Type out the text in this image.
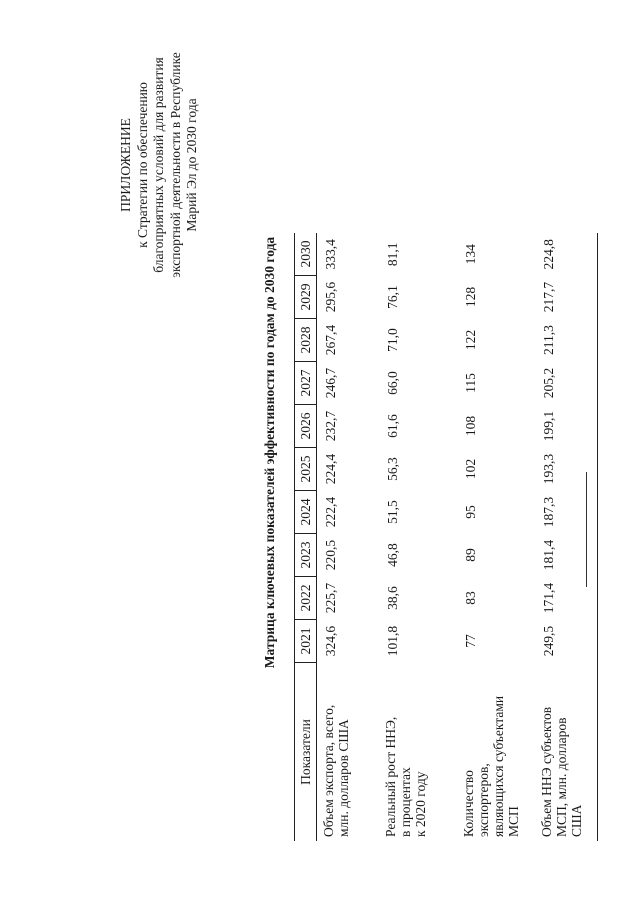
ПРИЛОЖЕНИЕ к Стратегии по обеспечению благоприятных условий для развития экспортной деятельности в Республике Марий Эл до 2030 года
Матрица ключевых показателей эффективности по годам до 2030 года
Показатели	2021	2022	2023	2024	2025	2026	2027	2028	2029	2030

Объем экспорта, всего, млн. долларов США	324,6	225,7	220,5	222,4	224,4	232,7	246,7	267,4	295,6	333,4

Реальный рост ННЭ, в процентах к 2020 году	101,8	38,6	46,8	51,5	56,3	61,6	66,0	71,0	76,1	81,1

Количество экспортеров, являющихся субъектами МСП	77	83	89	95	102	108	115	122	128	134

Объем ННЭ субъектов МСП, млн. долларов США	249,5	171,4	181,4	187,3	193,3	199,1	205,2	211,3	217,7	224,8
